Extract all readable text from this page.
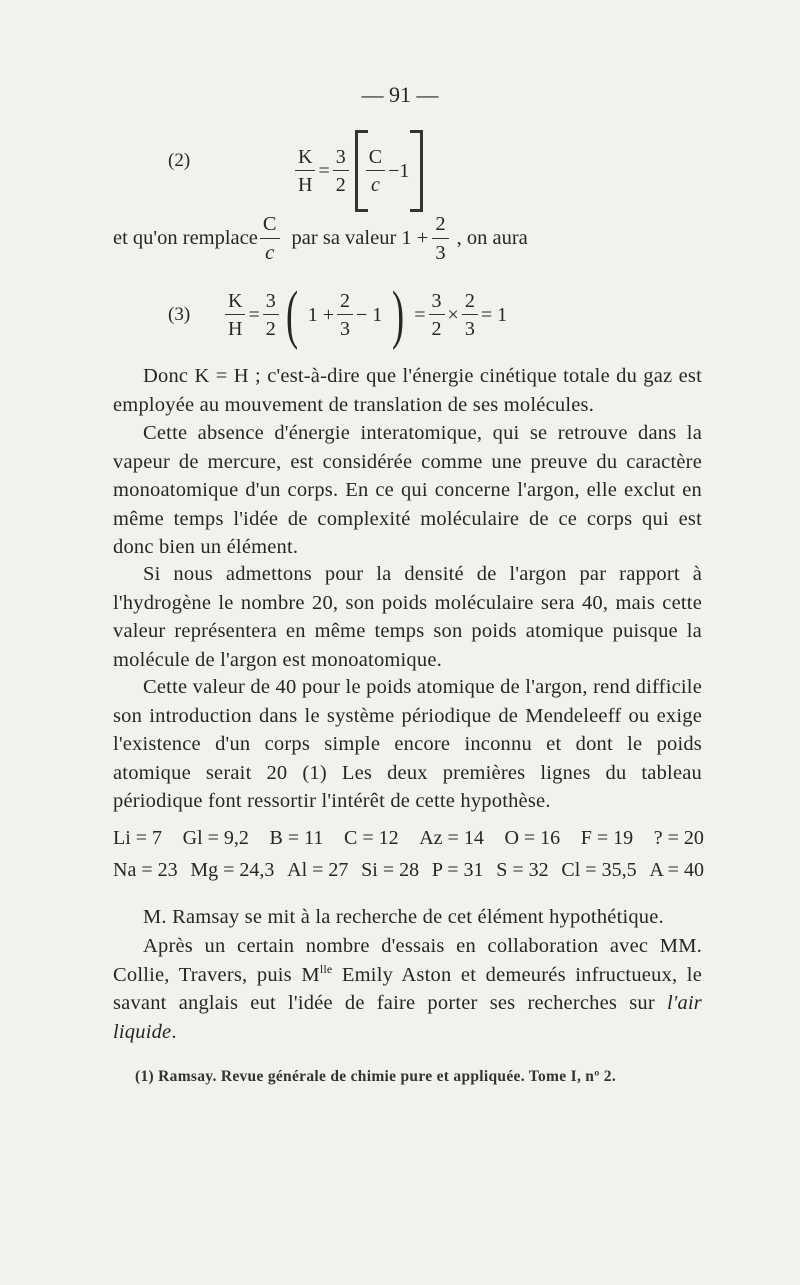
— 91 —
(2)	$\frac{K}{H} = \frac{3}{2} \frac{C}{c} -1$
et qu'on remplace $\frac{C}{c}$ par sa valeur $1 + \frac{2}{3}$ , on aura
$(3) \frac{K}{H} = \frac{3}{2}$ ( $1 + \frac{2}{3} - 1$ ) = $\frac{3}{2} \times \frac{2}{3} = 1$

Donc K = H ; c'est-à-dire que l'énergie cinétique totale du gaz est employée au mouvement de translation de ses molécules.

Cette absence d'énergie interatomique, qui se retrouve dans la vapeur de mercure, est considérée comme une preuve du caractère monoatomique d'un corps. En ce qui concerne l'argon, elle exclut en même temps l'idée de complexité moléculaire de ce corps qui est donc bien un élément.

Si nous admettons pour la densité de l'argon par rapport à l'hydrogène le nombre 20, son poids moléculaire sera 40, mais cette valeur représentera en même temps son poids atomique puisque la molécule de l'argon est monoatomique.

Cette valeur de 40 pour le poids atomique de l'argon, rend difficile son introduction dans le système périodique de Mendeleeff ou exige l'existence d'un corps simple encore inconnu et dont le poids atomique serait 20 (1) Les deux premières lignes du tableau périodique font ressortir l'intérêt de cette hypothèse.

Li = 7 Gl = 9,2 B = 11 C = 12 Az = 14 O = 16 F = 19 ? = 20
Na = 23 Mg = 24,3 Al = 27 Si = 28 P = 31 S = 32 Cl = 35,5 A = 40

M. Ramsay se mit à la recherche de cet élément hypothétique.

Après un certain nombre d'essais en collaboration avec MM. Collie, Travers, puis $M^{lle}$ Emily Aston et demeurés infructueux, le savant anglais eut l'idée de faire porter ses recherches sur l'air liquide.

(1) Ramsay. Revue générale de chimie pure et appliquée. Tome I, nº 2.
